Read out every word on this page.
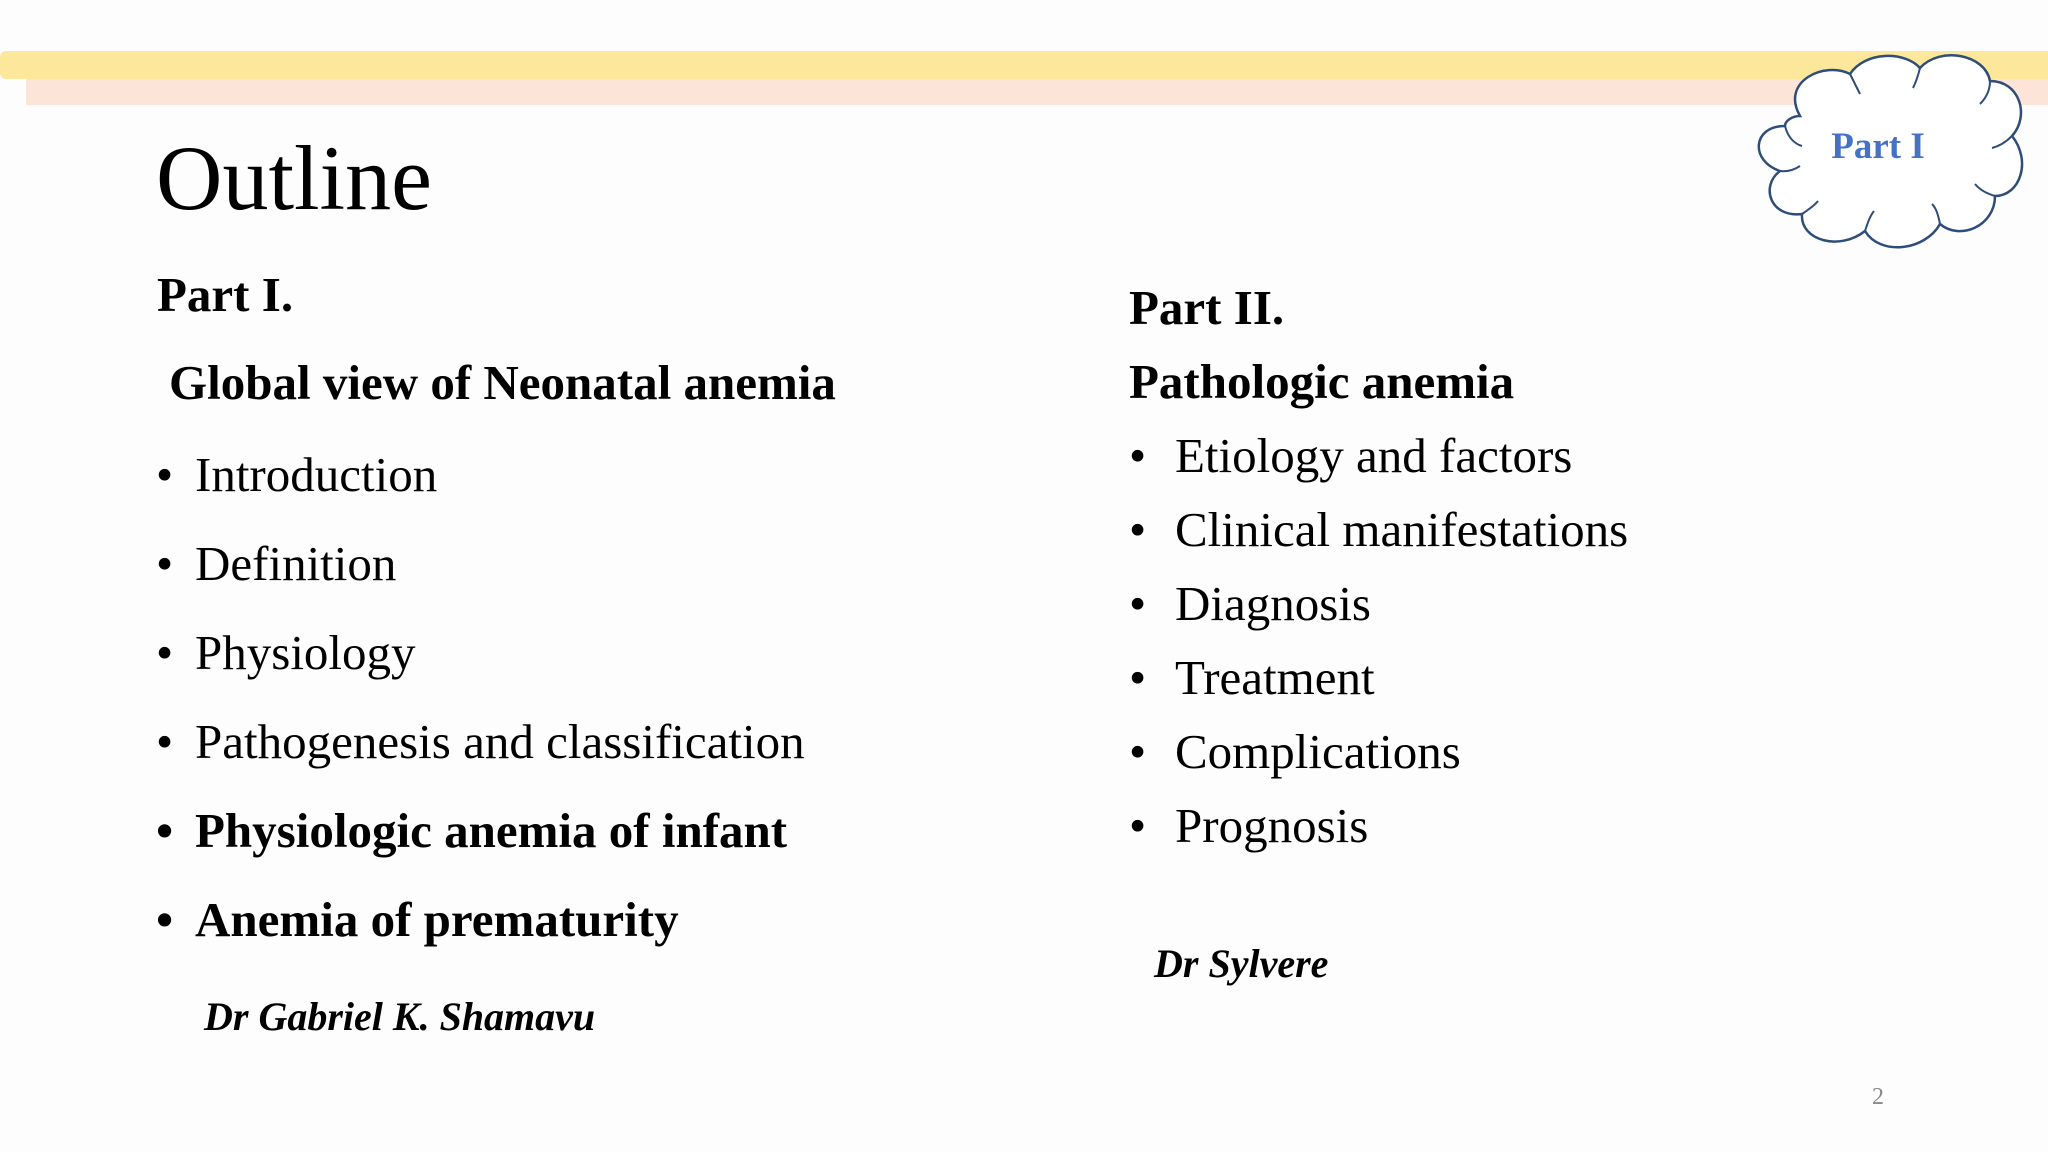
Outline	Part I
Part I.
Global view of Neonatal anemia
• Introduction
• Definition
• Physiology
• Pathogenesis and classification
• Physiologic anemia of infant
• Anemia of prematurity
Dr Gabriel K. Shamavu
Part II.
Pathologic anemia
• Etiology and factors
• Clinical manifestations
• Diagnosis
• Treatment
• Complications
• Prognosis
Dr Sylvere
2
